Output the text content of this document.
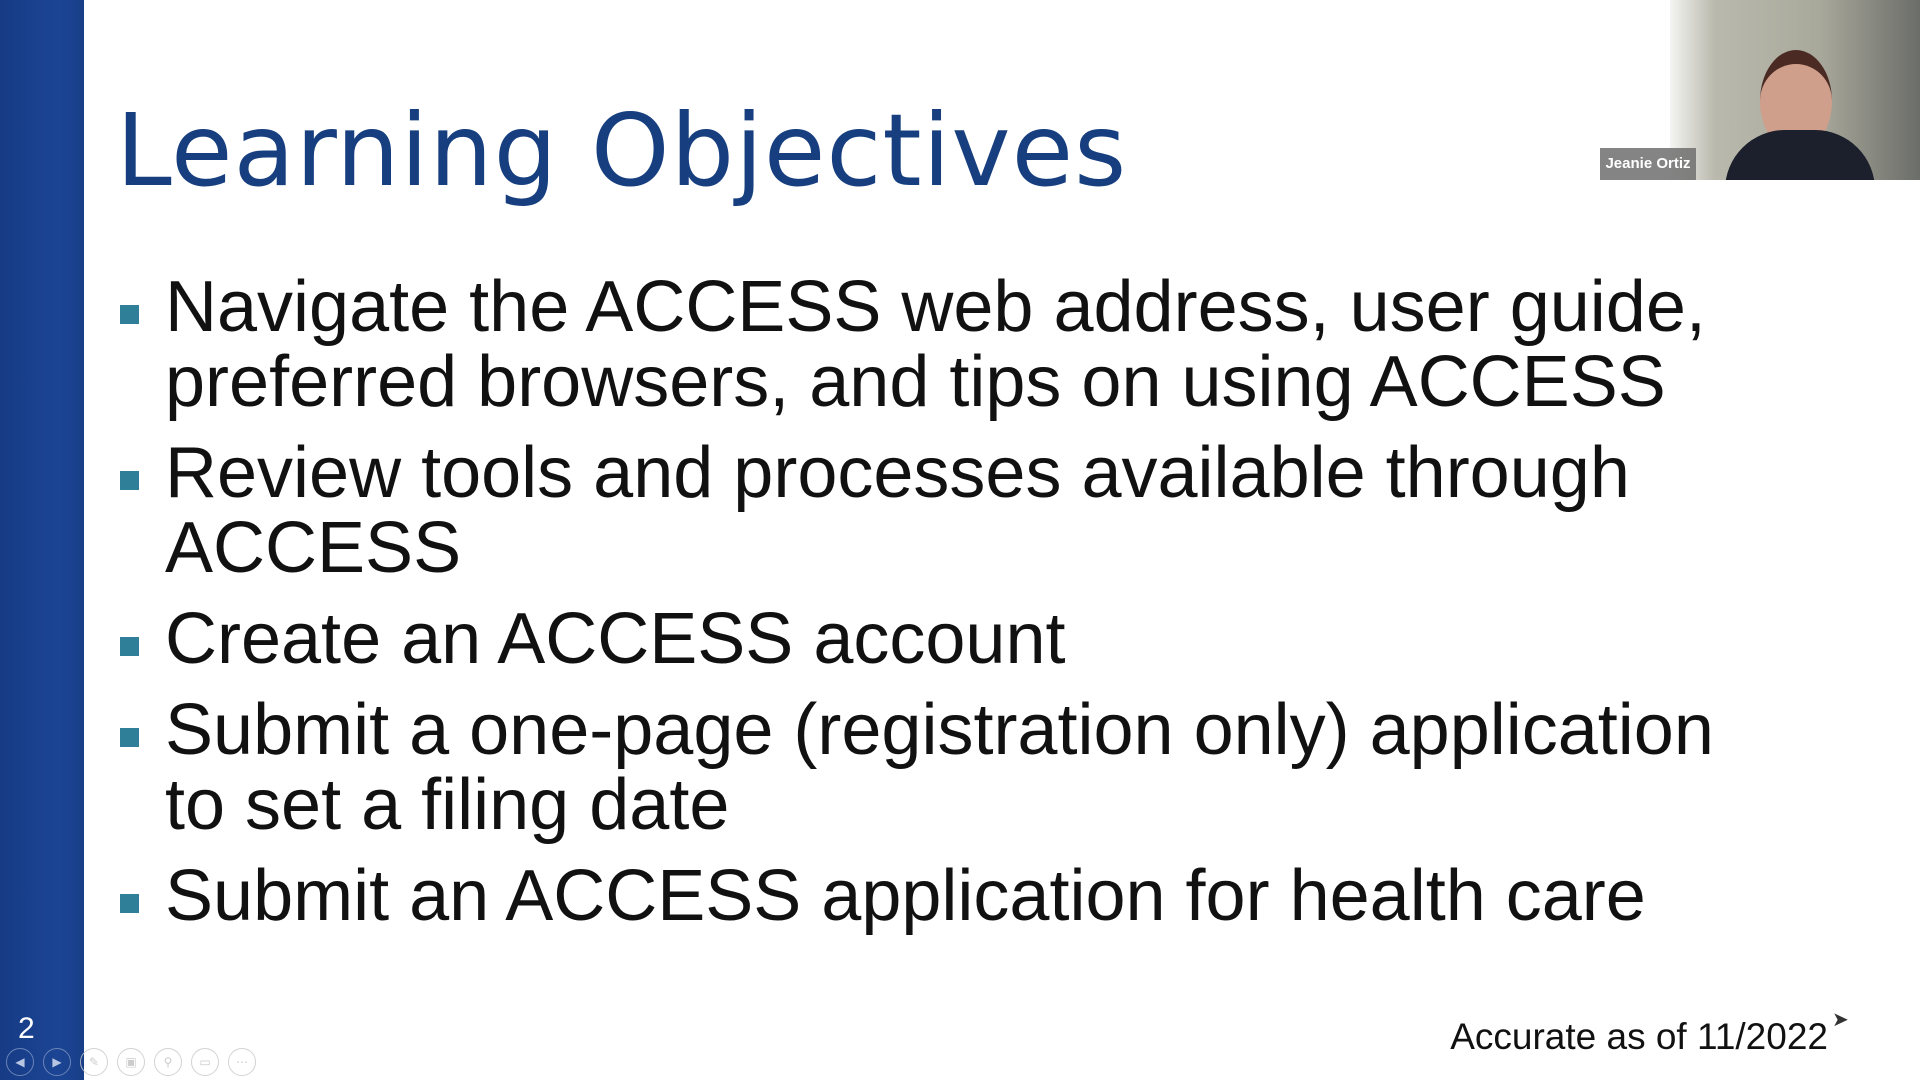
2
Learning Objectives
Navigate the ACCESS web address, user guide, preferred browsers, and tips on using ACCESS
Review tools and processes available through ACCESS
Create an ACCESS account
Submit a one-page (registration only) application to set a filing date
Submit an ACCESS application for health care
Accurate as of 11/2022 ➤
Jeanie Ortiz
◀	▶	✎	▣	⚲	▭	⋯
